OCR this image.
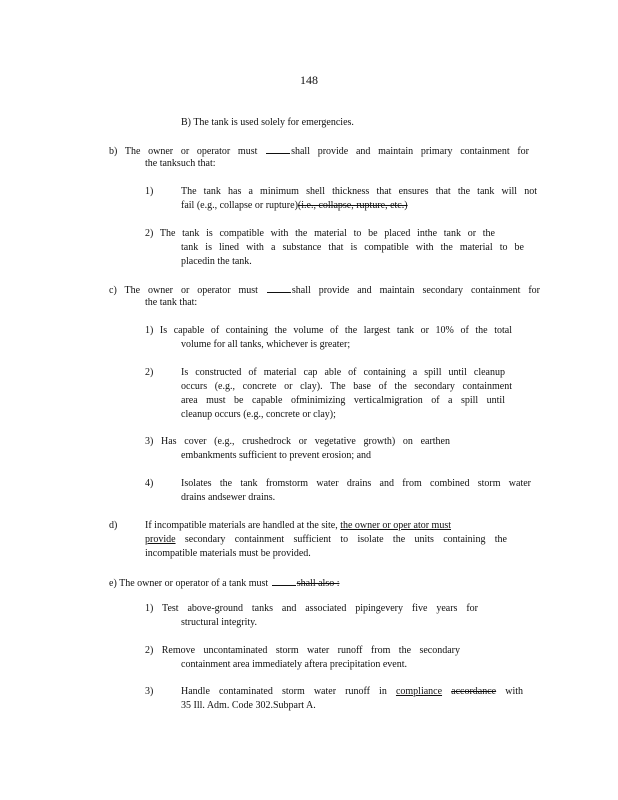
148
B) The tank is used solely for emergencies.
b) The owner or operator must	shall provide and maintain primary containment for
the tanksuch that:
1)	The tank has a minimum shell thickness that ensures that the tank will not
fail (e.g., collapse or rupture)(i.e., collapse, rupture, etc.)
2) The tank is compatible with the material to be placed inthe tank or the
tank is lined with a substance that is compatible with the material to be
placedin the tank.
c) The owner or operator must	shall provide and maintain secondary containment for
the tank that:
1) Is capable of containing the volume of the largest tank or 10% of the total
volume for all tanks, whichever is greater;
2)	Is constructed of material cap able of containing a spill until cleanup
occurs (e.g., concrete or clay). The base of the secondary containment
area must be capable ofminimizing verticalmigration of a spill until
cleanup occurs (e.g., concrete or clay);
3) Has cover (e.g., crushedrock or vegetative growth) on earthen
embankments sufficient to prevent erosion; and
4)	Isolates the tank fromstorm water drains and from combined storm water
drains andsewer drains.
d)	If incompatible materials are handled at the site, the owner or oper ator must
provide secondary containment sufficient to isolate the units containing the
incompatible materials must be provided.
e) The owner or operator of a tank must	shall also :
1) Test above-ground tanks and associated pipingevery five years for
structural integrity.
2) Remove uncontaminated storm water runoff from the secondary
containment area immediately aftera precipitation event.
3)	Handle contaminated storm water runoff in compliance accordance with
35 Ill. Adm. Code 302.Subpart A.
